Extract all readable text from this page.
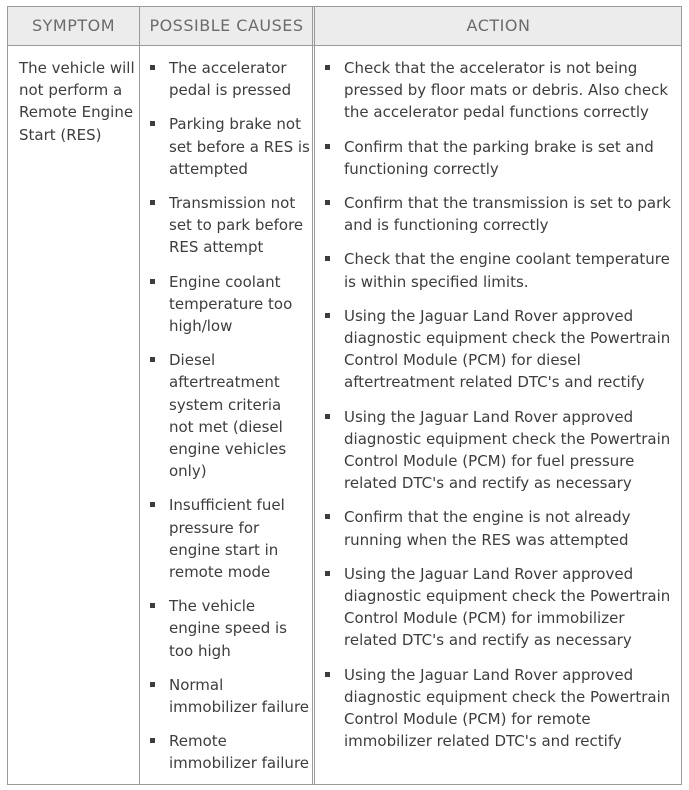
SYMPTOM	POSSIBLE CAUSES	ACTION
The vehicle will not perform a Remote Engine Start (RES)
The accelerator pedal is pressed
Parking brake not set before a RES is attempted
Transmission not set to park before RES attempt
Engine coolant temperature too high/low
Diesel aftertreatment system criteria not met (diesel engine vehicles only)
Insufficient fuel pressure for engine start in remote mode
The vehicle engine speed is too high
Normal immobilizer failure
Remote immobilizer failure
Check that the accelerator is not being pressed by floor mats or debris. Also check the accelerator pedal functions correctly
Confirm that the parking brake is set and functioning correctly
Confirm that the transmission is set to park and is functioning correctly
Check that the engine coolant temperature is within specified limits.
Using the Jaguar Land Rover approved diagnostic equipment check the Powertrain Control Module (PCM) for diesel aftertreatment related DTC's and rectify
Using the Jaguar Land Rover approved diagnostic equipment check the Powertrain Control Module (PCM) for fuel pressure related DTC's and rectify as necessary
Confirm that the engine is not already running when the RES was attempted
Using the Jaguar Land Rover approved diagnostic equipment check the Powertrain Control Module (PCM) for immobilizer related DTC's and rectify as necessary
Using the Jaguar Land Rover approved diagnostic equipment check the Powertrain Control Module (PCM) for remote immobilizer related DTC's and rectify
